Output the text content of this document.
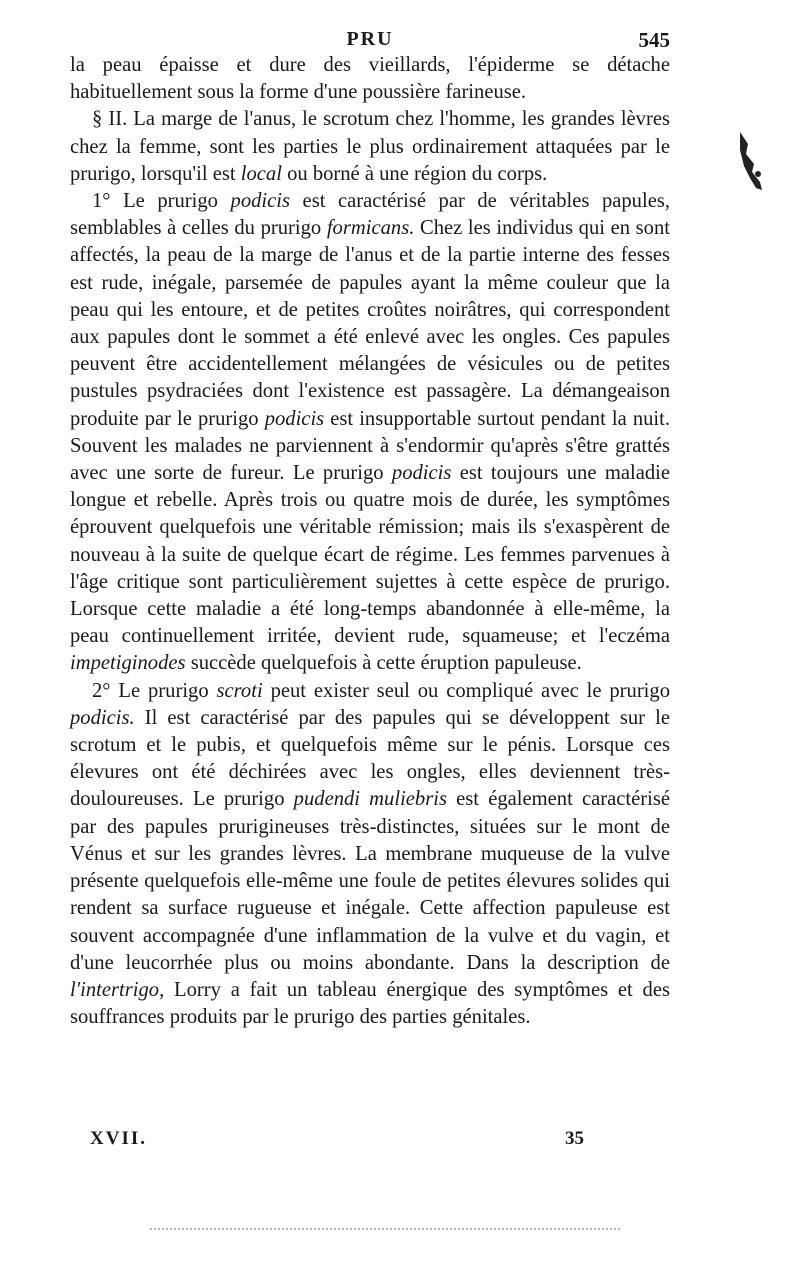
PRU	545

la peau épaisse et dure des vieillards, l'épiderme se détache habituellement sous la forme d'une poussière farineuse.

§ II. La marge de l'anus, le scrotum chez l'homme, les grandes lèvres chez la femme, sont les parties le plus ordinairement attaquées par le prurigo, lorsqu'il est local ou borné à une région du corps.

1° Le prurigo podicis est caractérisé par de véritables papules, semblables à celles du prurigo formicans. Chez les individus qui en sont affectés, la peau de la marge de l'anus et de la partie interne des fesses est rude, inégale, parsemée de papules ayant la même couleur que la peau qui les entoure, et de petites croûtes noirâtres, qui correspondent aux papules dont le sommet a été enlevé avec les ongles. Ces papules peuvent être accidentellement mélangées de vésicules ou de petites pustules psydraciées dont l'existence est passagère. La démangeaison produite par le prurigo podicis est insupportable surtout pendant la nuit. Souvent les malades ne parviennent à s'endormir qu'après s'être grattés avec une sorte de fureur. Le prurigo podicis est toujours une maladie longue et rebelle. Après trois ou quatre mois de durée, les symptômes éprouvent quelquefois une véritable rémission; mais ils s'exaspèrent de nouveau à la suite de quelque écart de régime. Les femmes parvenues à l'âge critique sont particulièrement sujettes à cette espèce de prurigo. Lorsque cette maladie a été long-temps abandonnée à elle-même, la peau continuellement irritée, devient rude, squameuse; et l'eczéma impetiginodes succède quelquefois à cette éruption papuleuse.

2° Le prurigo scroti peut exister seul ou compliqué avec le prurigo podicis. Il est caractérisé par des papules qui se développent sur le scrotum et le pubis, et quelquefois même sur le pénis. Lorsque ces élevures ont été déchirées avec les ongles, elles deviennent très-douloureuses. Le prurigo pudendi muliebris est également caractérisé par des papules prurigineuses très-distinctes, situées sur le mont de Vénus et sur les grandes lèvres. La membrane muqueuse de la vulve présente quelquefois elle-même une foule de petites élevures solides qui rendent sa surface rugueuse et inégale. Cette affection papuleuse est souvent accompagnée d'une inflammation de la vulve et du vagin, et d'une leucorrhée plus ou moins abondante. Dans la description de l'intertrigo, Lorry a fait un tableau énergique des symptômes et des souffrances produits par le prurigo des parties génitales.

XVII.	35
